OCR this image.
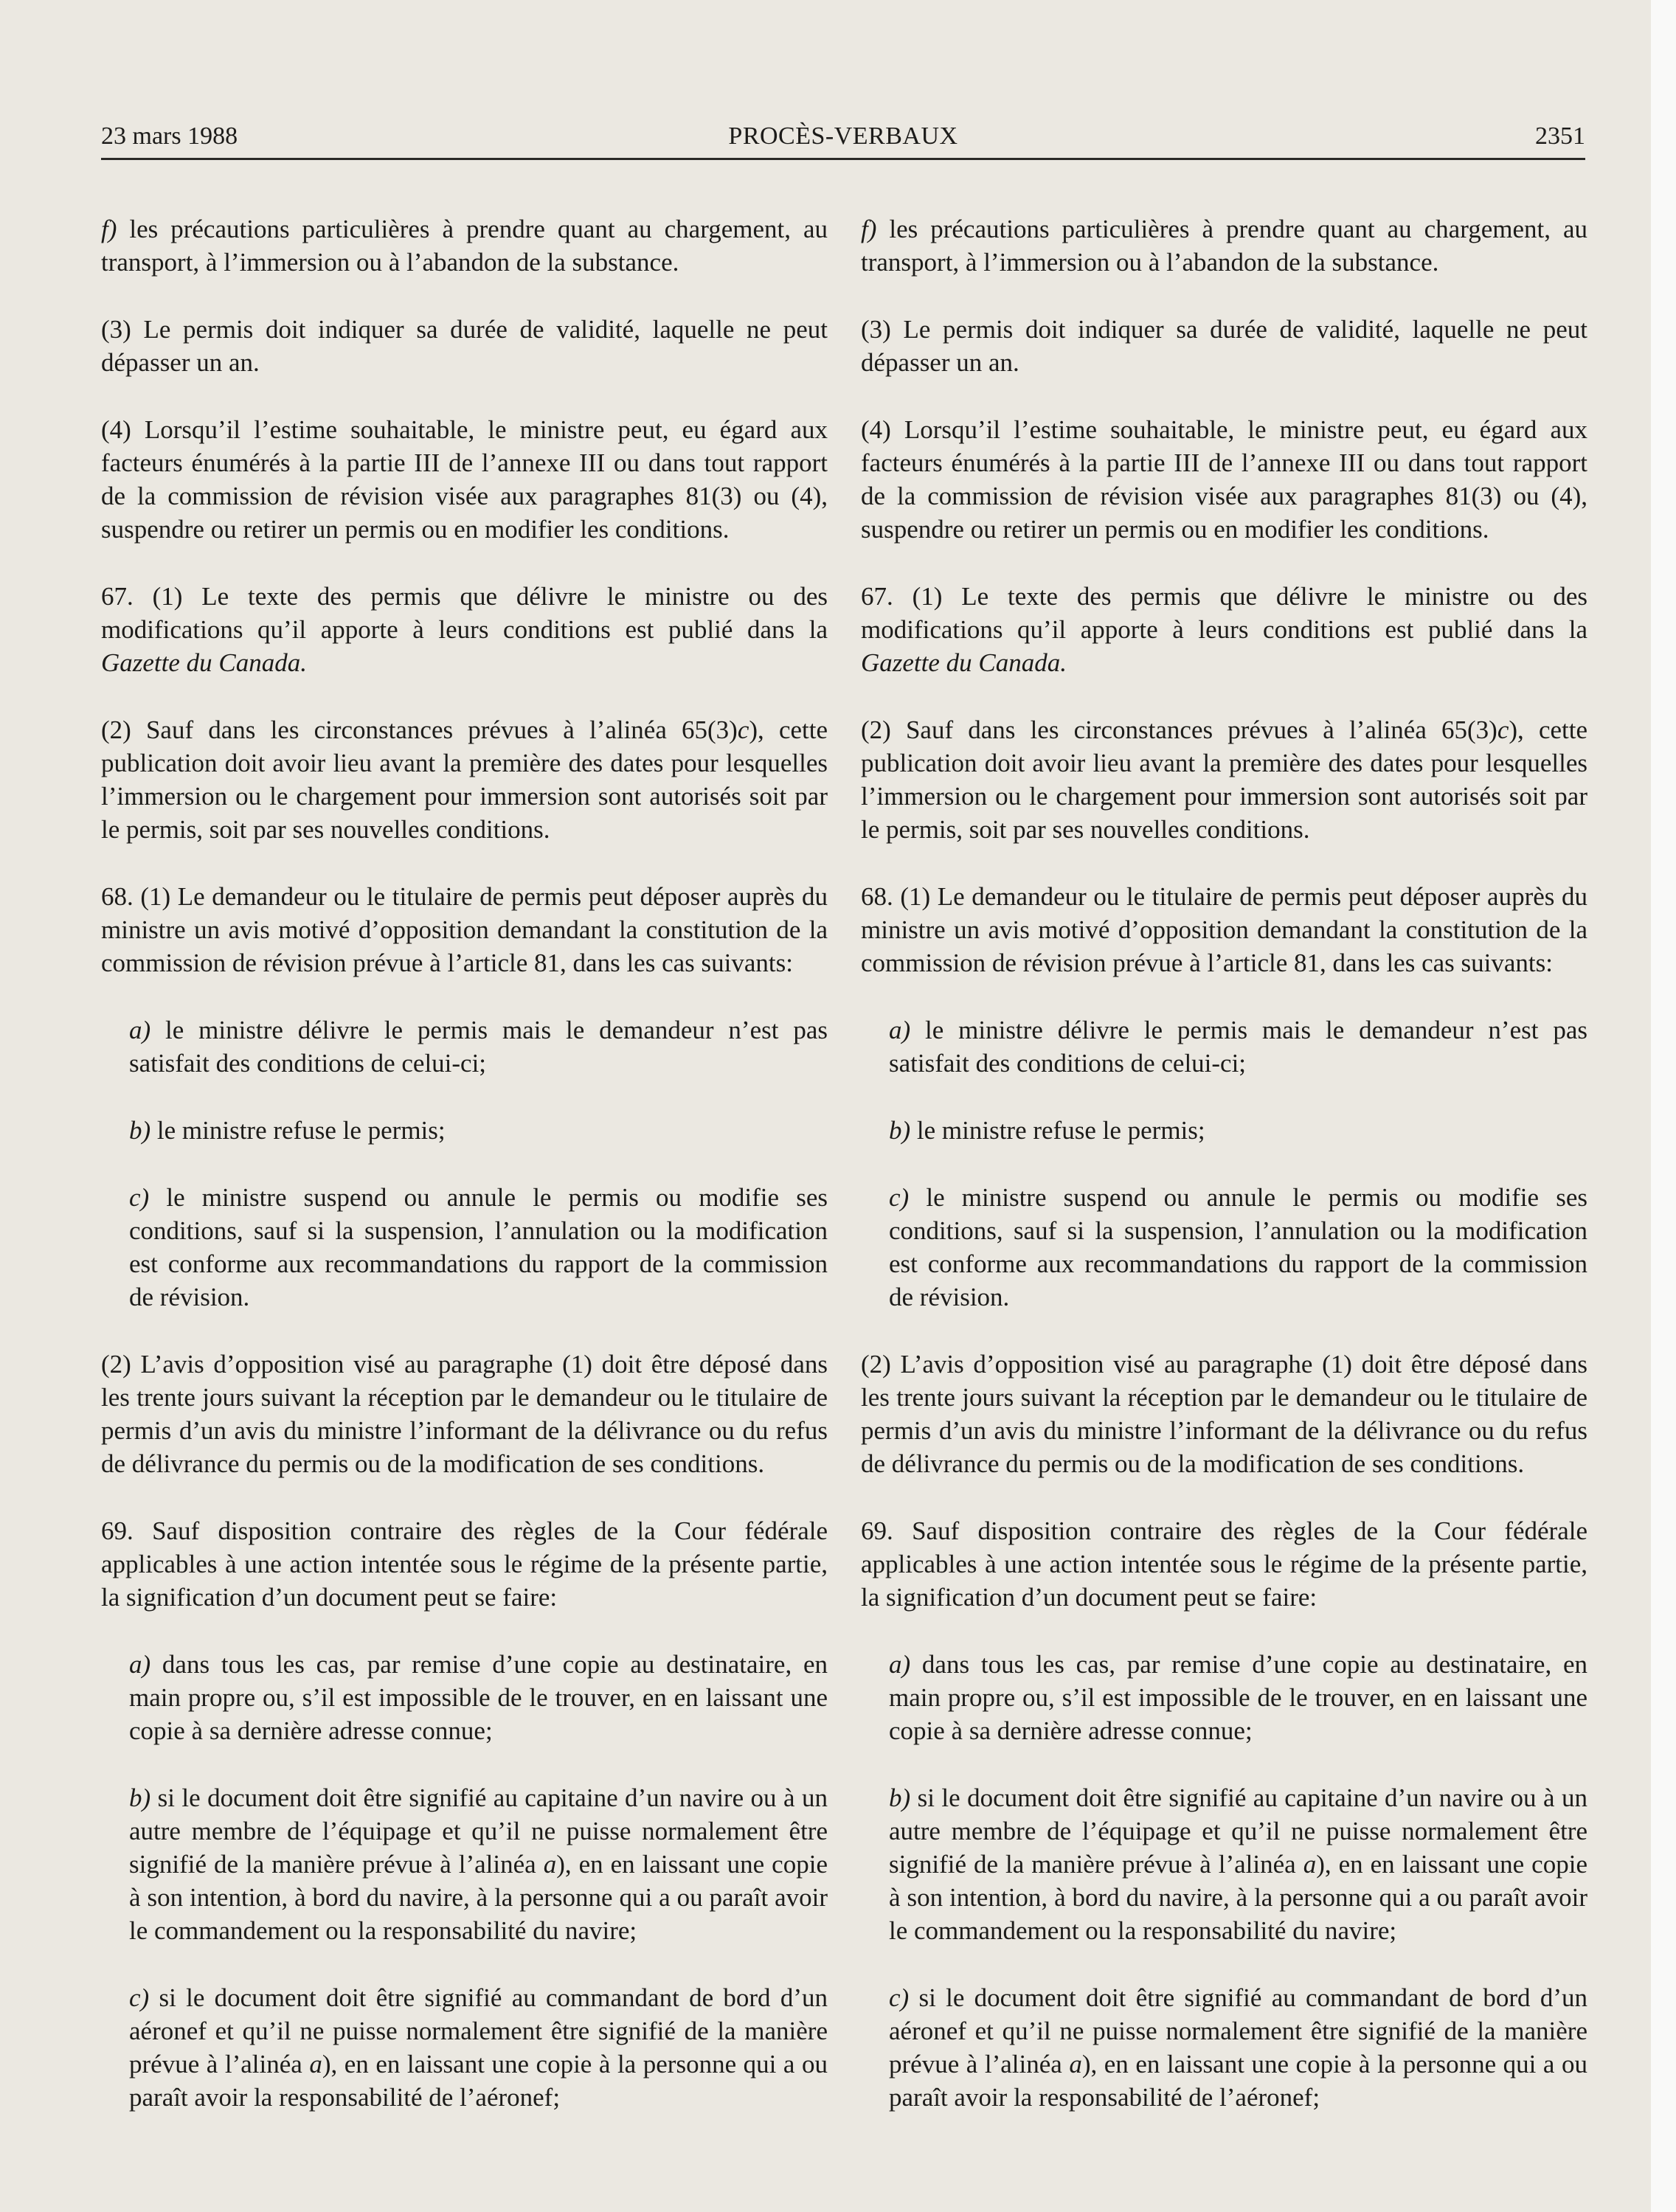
23 mars 1988	PROCÈS-VERBAUX	2351

f) les précautions particulières à prendre quant au chargement, au transport, à l’immersion ou à l’abandon de la substance.

(3) Le permis doit indiquer sa durée de validité, laquelle ne peut dépasser un an.

(4) Lorsqu’il l’estime souhaitable, le ministre peut, eu égard aux facteurs énumérés à la partie III de l’annexe III ou dans tout rapport de la commission de révision visée aux paragraphes 81(3) ou (4), suspendre ou retirer un permis ou en modifier les conditions.

67. (1) Le texte des permis que délivre le ministre ou des modifications qu’il apporte à leurs conditions est publié dans la Gazette du Canada.

(2) Sauf dans les circonstances prévues à l’alinéa 65(3)c), cette publication doit avoir lieu avant la première des dates pour lesquelles l’immersion ou le chargement pour immersion sont autorisés soit par le permis, soit par ses nouvelles conditions.

68. (1) Le demandeur ou le titulaire de permis peut déposer auprès du ministre un avis motivé d’opposition demandant la constitution de la commission de révision prévue à l’article 81, dans les cas suivants:

a) le ministre délivre le permis mais le demandeur n’est pas satisfait des conditions de celui-ci;

b) le ministre refuse le permis;

c) le ministre suspend ou annule le permis ou modifie ses conditions, sauf si la suspension, l’annulation ou la modification est conforme aux recommandations du rapport de la commission de révision.

(2) L’avis d’opposition visé au paragraphe (1) doit être déposé dans les trente jours suivant la réception par le demandeur ou le titulaire de permis d’un avis du ministre l’informant de la délivrance ou du refus de délivrance du permis ou de la modification de ses conditions.

69. Sauf disposition contraire des règles de la Cour fédérale applicables à une action intentée sous le régime de la présente partie, la signification d’un document peut se faire:

a) dans tous les cas, par remise d’une copie au destinataire, en main propre ou, s’il est impossible de le trouver, en en laissant une copie à sa dernière adresse connue;

b) si le document doit être signifié au capitaine d’un navire ou à un autre membre de l’équipage et qu’il ne puisse normalement être signifié de la manière prévue à l’alinéa a), en en laissant une copie à son intention, à bord du navire, à la personne qui a ou paraît avoir le commandement ou la responsabilité du navire;

c) si le document doit être signifié au commandant de bord d’un aéronef et qu’il ne puisse normalement être signifié de la manière prévue à l’alinéa a), en en laissant une copie à la personne qui a ou paraît avoir la responsabilité de l’aéronef;

f) les précautions particulières à prendre quant au chargement, au transport, à l’immersion ou à l’abandon de la substance.

(3) Le permis doit indiquer sa durée de validité, laquelle ne peut dépasser un an.

(4) Lorsqu’il l’estime souhaitable, le ministre peut, eu égard aux facteurs énumérés à la partie III de l’annexe III ou dans tout rapport de la commission de révision visée aux paragraphes 81(3) ou (4), suspendre ou retirer un permis ou en modifier les conditions.

67. (1) Le texte des permis que délivre le ministre ou des modifications qu’il apporte à leurs conditions est publié dans la Gazette du Canada.

(2) Sauf dans les circonstances prévues à l’alinéa 65(3)c), cette publication doit avoir lieu avant la première des dates pour lesquelles l’immersion ou le chargement pour immersion sont autorisés soit par le permis, soit par ses nouvelles conditions.

68. (1) Le demandeur ou le titulaire de permis peut déposer auprès du ministre un avis motivé d’opposition demandant la constitution de la commission de révision prévue à l’article 81, dans les cas suivants:

a) le ministre délivre le permis mais le demandeur n’est pas satisfait des conditions de celui-ci;

b) le ministre refuse le permis;

c) le ministre suspend ou annule le permis ou modifie ses conditions, sauf si la suspension, l’annulation ou la modification est conforme aux recommandations du rapport de la commission de révision.

(2) L’avis d’opposition visé au paragraphe (1) doit être déposé dans les trente jours suivant la réception par le demandeur ou le titulaire de permis d’un avis du ministre l’informant de la délivrance ou du refus de délivrance du permis ou de la modification de ses conditions.

69. Sauf disposition contraire des règles de la Cour fédérale applicables à une action intentée sous le régime de la présente partie, la signification d’un document peut se faire:

a) dans tous les cas, par remise d’une copie au destinataire, en main propre ou, s’il est impossible de le trouver, en en laissant une copie à sa dernière adresse connue;

b) si le document doit être signifié au capitaine d’un navire ou à un autre membre de l’équipage et qu’il ne puisse normalement être signifié de la manière prévue à l’alinéa a), en en laissant une copie à son intention, à bord du navire, à la personne qui a ou paraît avoir le commandement ou la responsabilité du navire;

c) si le document doit être signifié au commandant de bord d’un aéronef et qu’il ne puisse normalement être signifié de la manière prévue à l’alinéa a), en en laissant une copie à la personne qui a ou paraît avoir la responsabilité de l’aéronef;
